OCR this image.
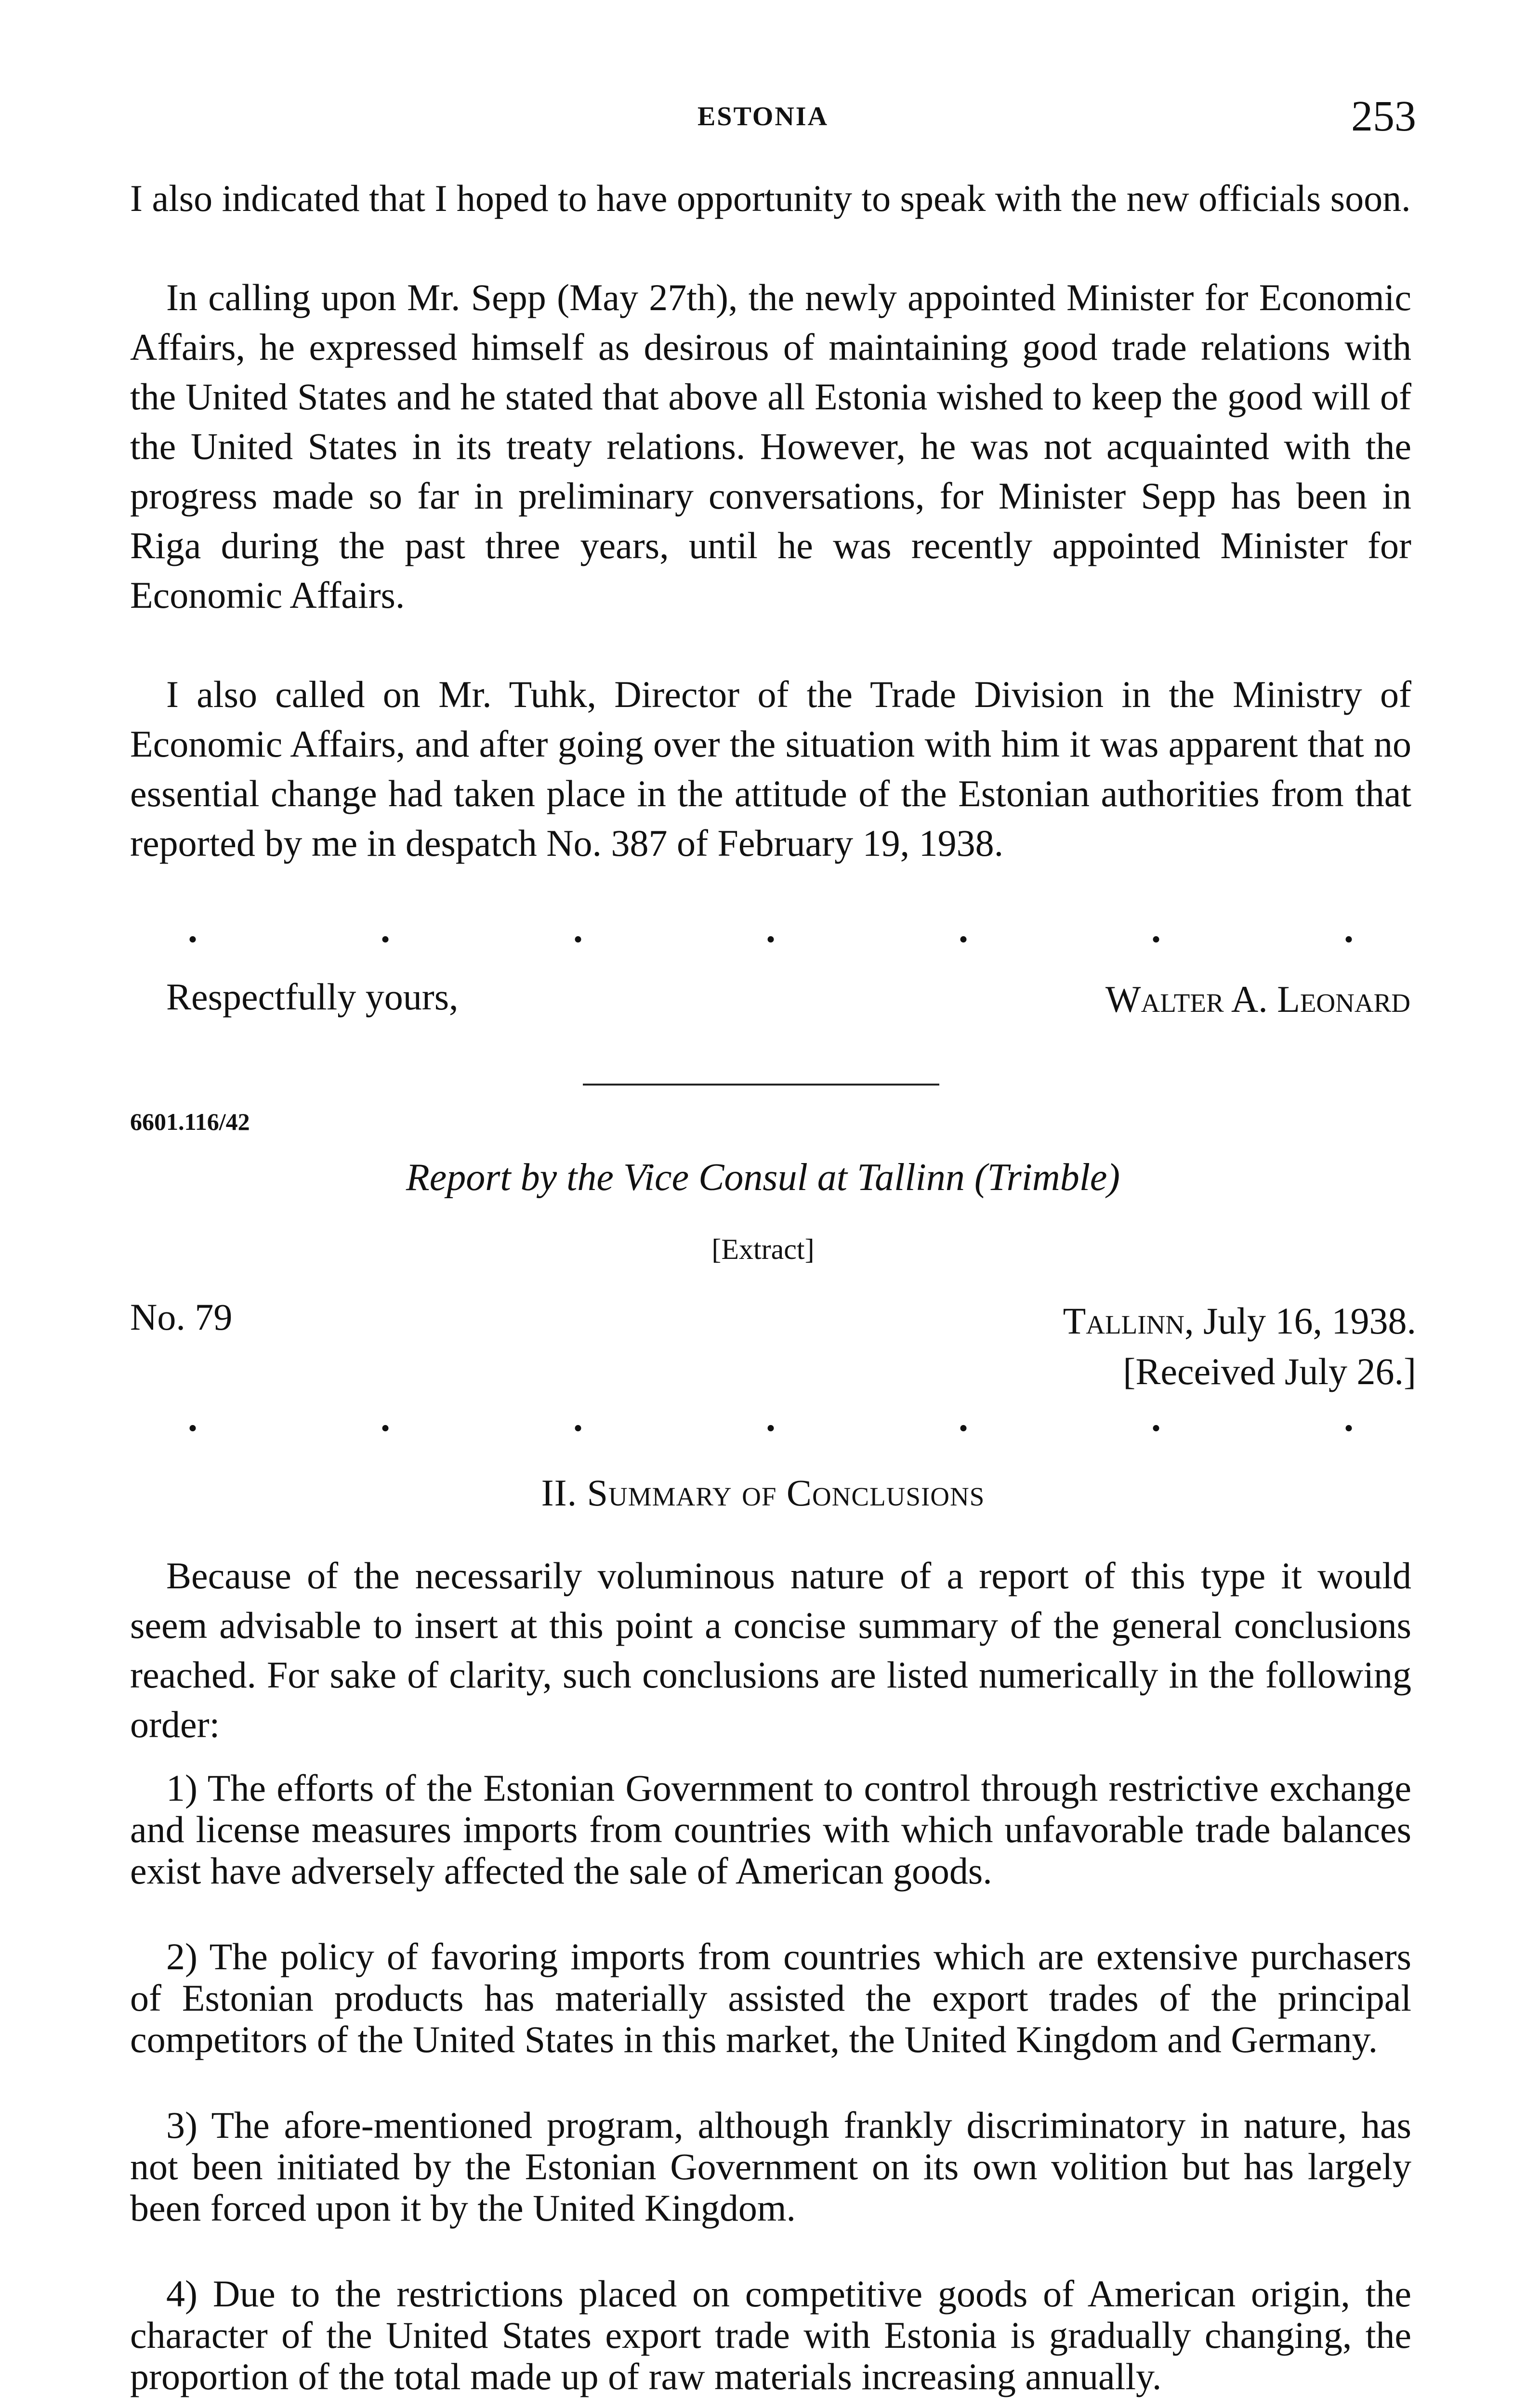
ESTONIA	253

I also indicated that I hoped to have opportunity to speak with the new officials soon.

In calling upon Mr. Sepp (May 27th), the newly appointed Minister for Economic Affairs, he expressed himself as desirous of maintaining good trade relations with the United States and he stated that above all Estonia wished to keep the good will of the United States in its treaty relations. However, he was not acquainted with the progress made so far in preliminary conversations, for Minister Sepp has been in Riga during the past three years, until he was recently appointed Minister for Economic Affairs.

I also called on Mr. Tuhk, Director of the Trade Division in the Ministry of Economic Affairs, and after going over the situation with him it was apparent that no essential change had taken place in the attitude of the Estonian authorities from that reported by me in despatch No. 387 of February 19, 1938.

.	.	.	.	.	.	.
Respectfully yours,	Walter A. Leonard
6601.116/42
Report by the Vice Consul at Tallinn (Trimble)
[Extract]
No. 79	Tallinn, July 16, 1938.
[Received July 26.]
.	.	.	.	.	.	.
II. Summary of Conclusions

Because of the necessarily voluminous nature of a report of this type it would seem advisable to insert at this point a concise summary of the general conclusions reached. For sake of clarity, such conclusions are listed numerically in the following order:

1) The efforts of the Estonian Government to control through restrictive exchange and license measures imports from countries with which unfavorable trade balances exist have adversely affected the sale of American goods.

2) The policy of favoring imports from countries which are extensive purchasers of Estonian products has materially assisted the export trades of the principal competitors of the United States in this market, the United Kingdom and Germany.

3) The afore-mentioned program, although frankly discriminatory in nature, has not been initiated by the Estonian Government on its own volition but has largely been forced upon it by the United Kingdom.

4) Due to the restrictions placed on competitive goods of American origin, the character of the United States export trade with Estonia is gradually changing, the proportion of the total made up of raw materials increasing annually.
